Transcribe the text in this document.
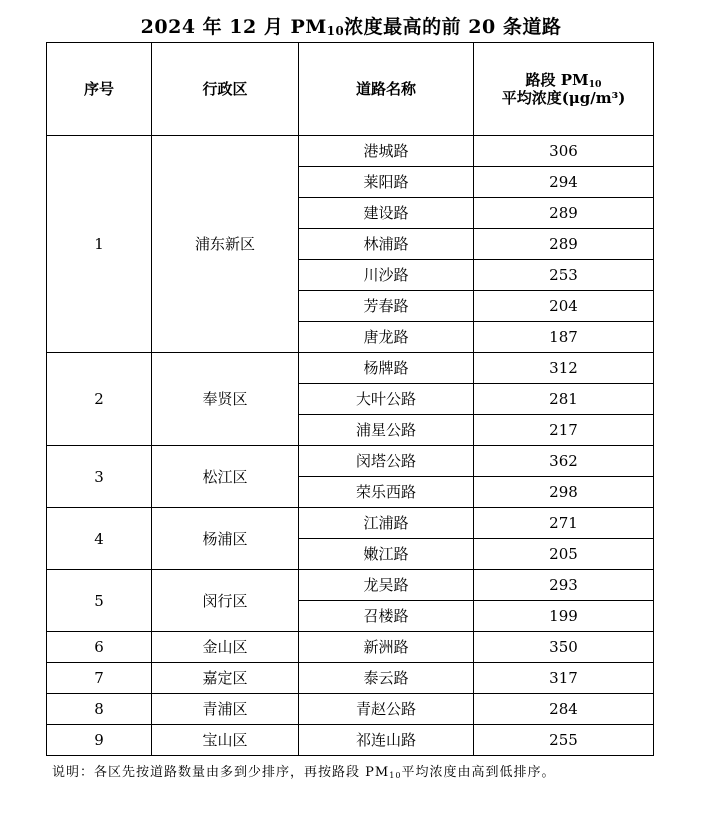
2024 年 12 月 $PM_{10}$浓度最高的前 20 条道路
序号	行政区	道路名称	路段 $PM_{10}$
平均浓度(μg/m³)
1	浦东新区	港城路	306
		莱阳路	294
		建设路	289
		林浦路	289
		川沙路	253
		芳春路	204
		唐龙路	187
2	奉贤区	杨牌路	312
		大叶公路	281
		浦星公路	217
3	松江区	闵塔公路	362
		荣乐西路	298
4	杨浦区	江浦路	271
		嫩江路	205
5	闵行区	龙吴路	293
		召楼路	199
6	金山区	新洲路	350
7	嘉定区	泰云路	317
8	青浦区	青赵公路	284
9	宝山区	祁连山路	255
说明：各区先按道路数量由多到少排序，再按路段 $PM_{10}$平均浓度由高到低排序。
